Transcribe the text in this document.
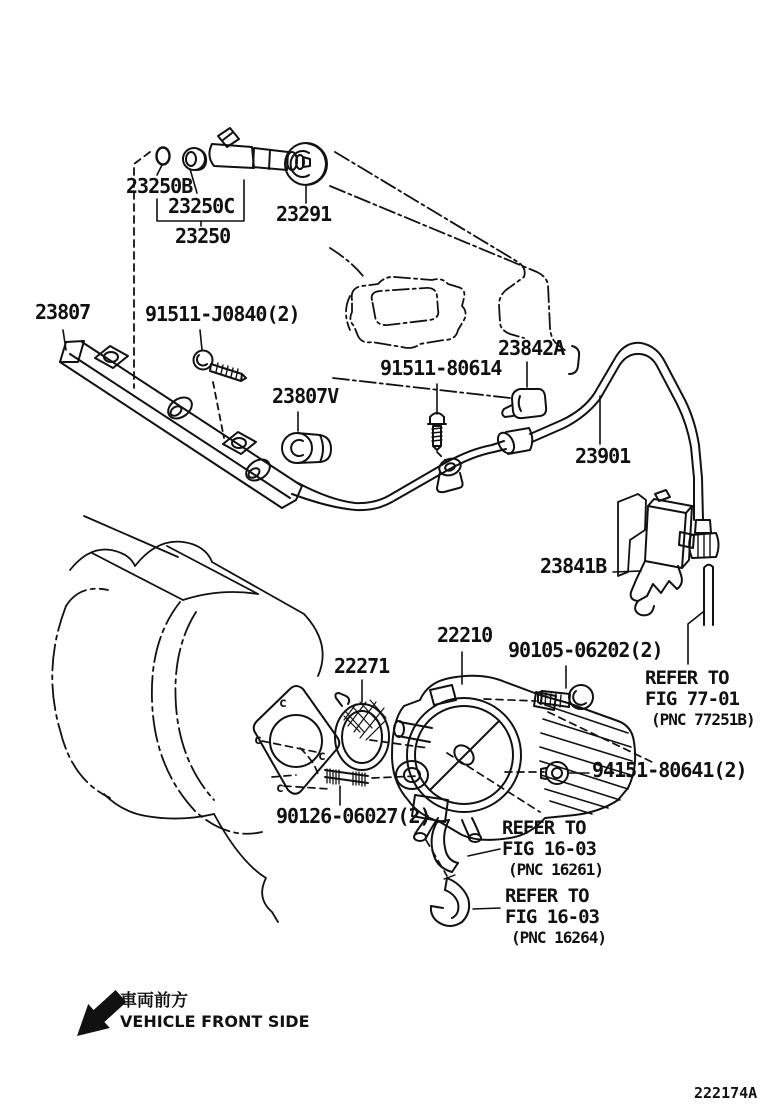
c
c
c
c
23250B
23250C
23250
23291
23807	91511-J0840(2)
23842A
91511-80614
23807V
23901
23841B
22210
90105-06202(2)
22271
94151-80641(2)
90126-06027(2)
REFER TO
FIG 77-01
(PNC 77251B)
REFER TO
FIG 16-03
(PNC 16261)
REFER TO
FIG 16-03
(PNC 16264)
車両前方
VEHICLE FRONT SIDE
222174A
